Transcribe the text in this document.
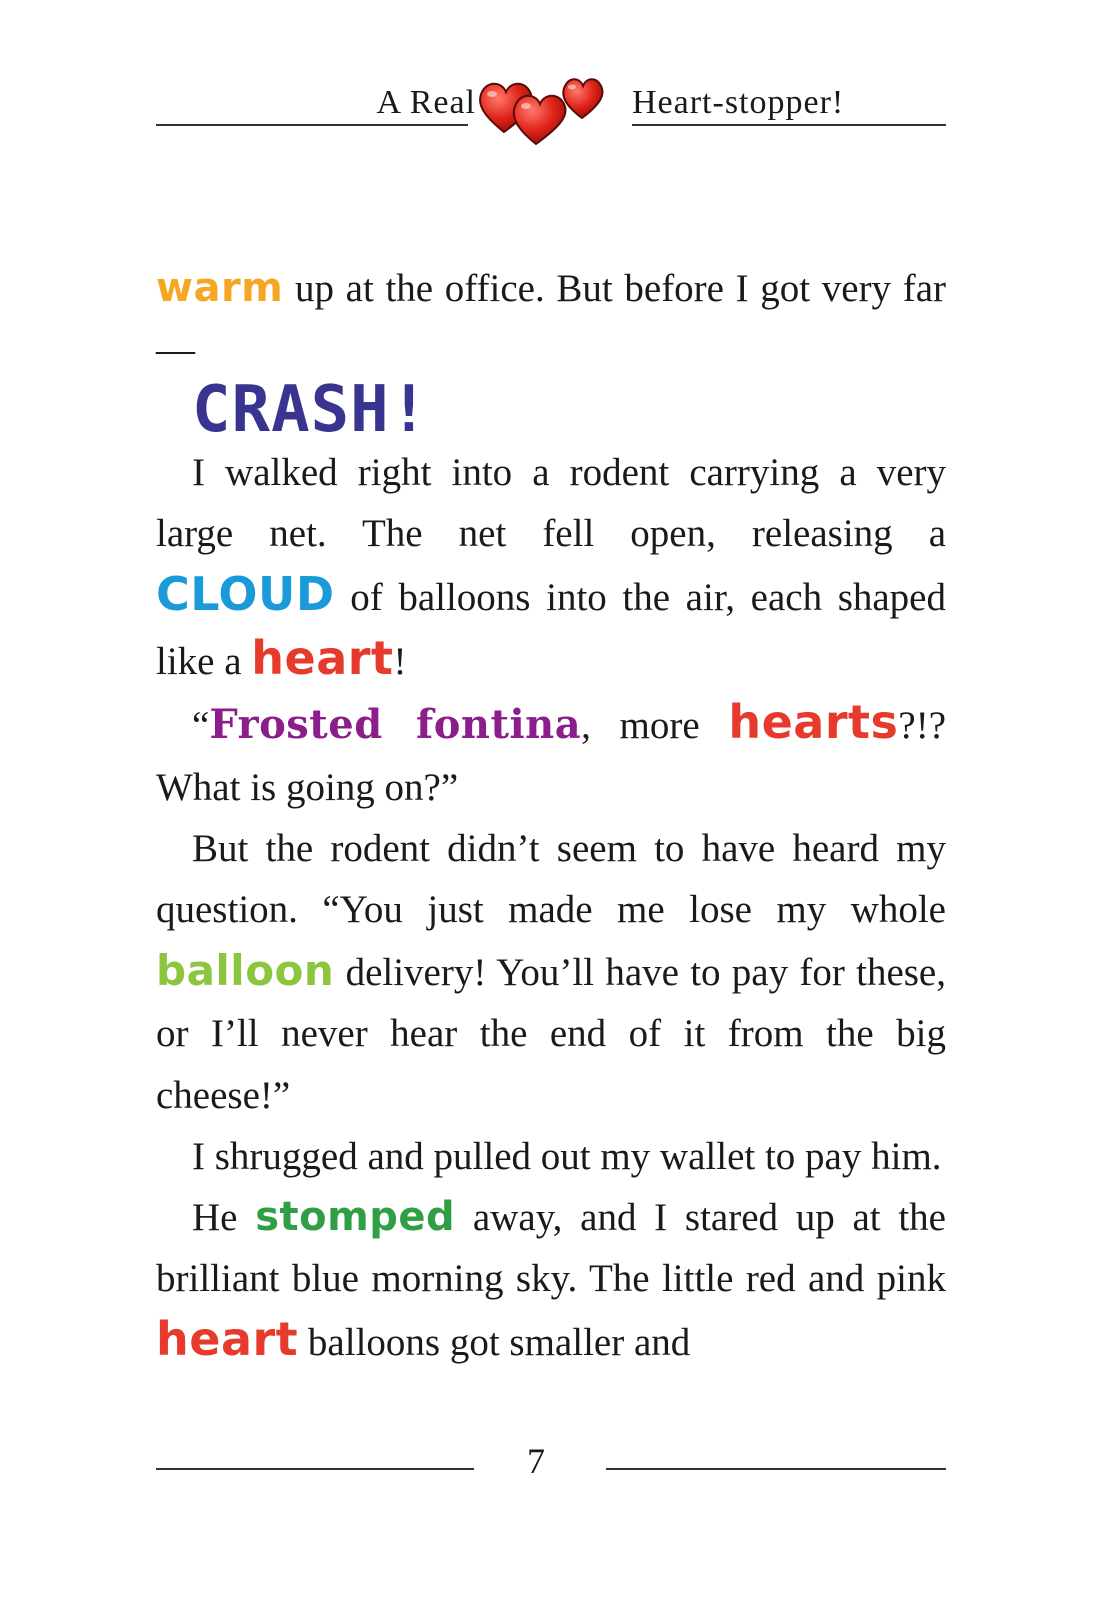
A Real	Heart-stopper!

warm up at the office. But before I got very far —

CRASH!

I walked right into a rodent carrying a very large net. The net fell open, releasing a CLOUD of balloons into the air, each shaped like a heart!

“Frosted fontina, more hearts?!? What is going on?”

But the rodent didn’t seem to have heard my question. “You just made me lose my whole balloon delivery! You’ll have to pay for these, or I’ll never hear the end of it from the big cheese!”

I shrugged and pulled out my wallet to pay him.

He stomped away, and I stared up at the brilliant blue morning sky. The little red and pink heart balloons got smaller and

7
